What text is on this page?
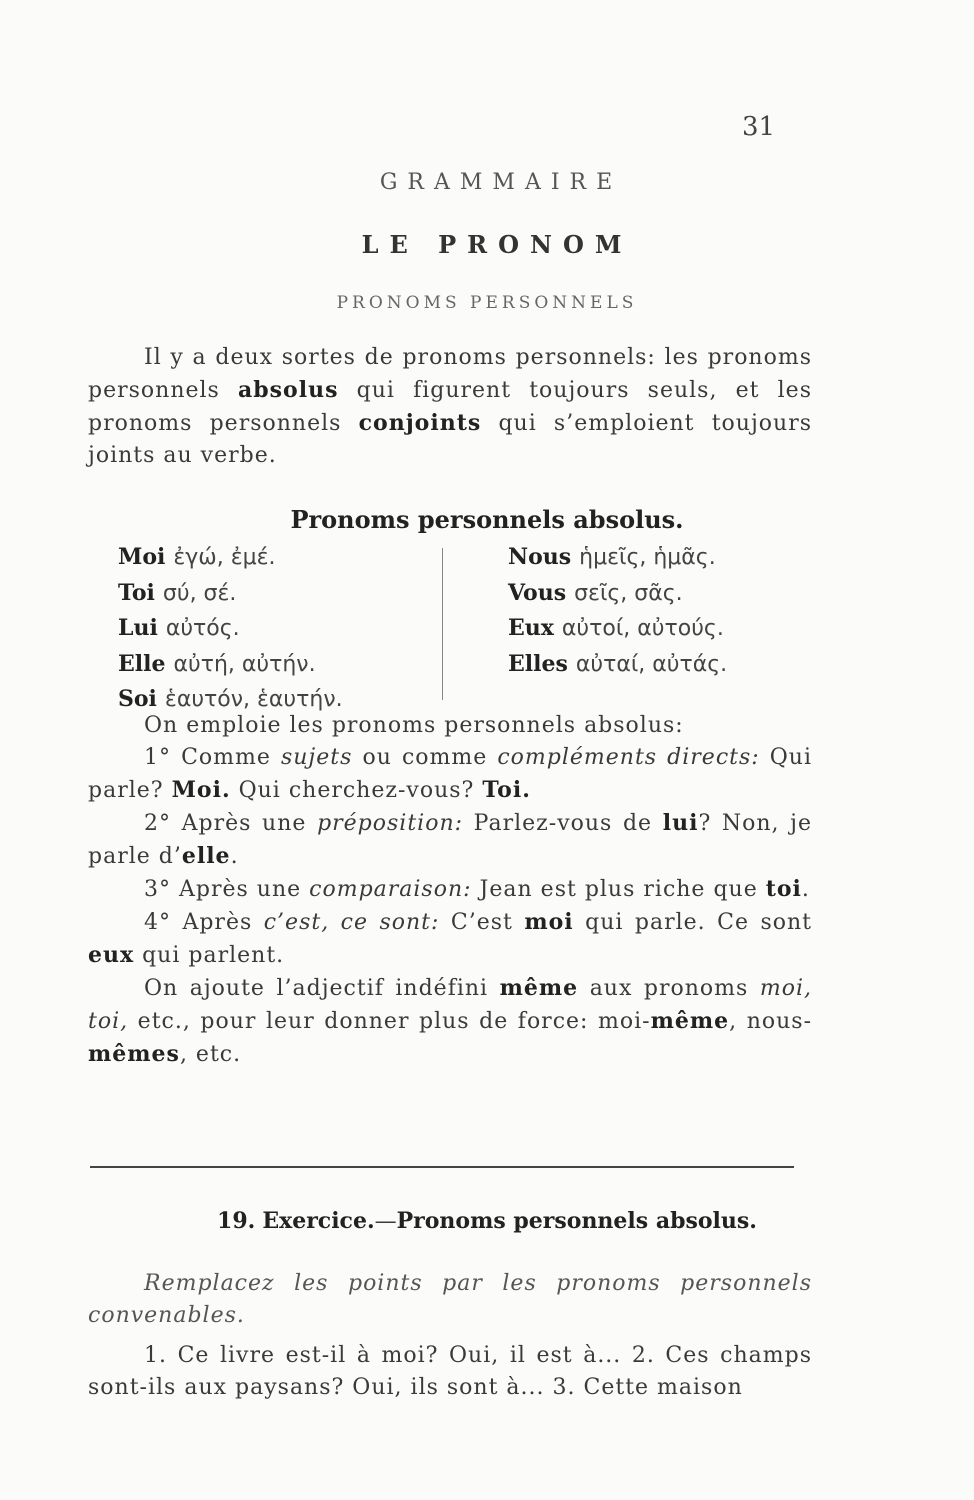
31
GRAMMAIRE
LE PRONOM
PRONOMS PERSONNELS
Il y a deux sortes de pronoms personnels: les pronoms personnels absolus qui figurent toujours seuls, et les pronoms personnels conjoints qui s’emploient toujours joints au verbe.
Pronoms personnels absolus.
Moi ἐγώ, ἐμέ.
Toi σύ, σέ.
Lui αὐτός.
Elle αὐτή, αὐτήν.
Soi ἑαυτόν, ἑαυτήν.
Nous ἡμεῖς, ἡμᾶς.
Vous σεῖς, σᾶς.
Eux αὐτοί, αὐτούς.
Elles αὐταί, αὐτάς.
On emploie les pronoms personnels absolus:
1° Comme sujets ou comme compléments directs: Qui parle? Moi. Qui cherchez-vous? Toi.
2° Après une préposition: Parlez-vous de lui? Non, je parle d’elle.
3° Après une comparaison: Jean est plus riche que toi.
4° Après c’est, ce sont: C’est moi qui parle. Ce sont eux qui parlent.
On ajoute l’adjectif indéfini même aux pronoms moi, toi, etc., pour leur donner plus de force: moi-même, nous-mêmes, etc.
19. Exercice.—Pronoms personnels absolus.
Remplacez les points par les pronoms personnels convenables.
1. Ce livre est-il à moi? Oui, il est à... 2. Ces champs sont-ils aux paysans? Oui, ils sont à... 3. Cette maison
